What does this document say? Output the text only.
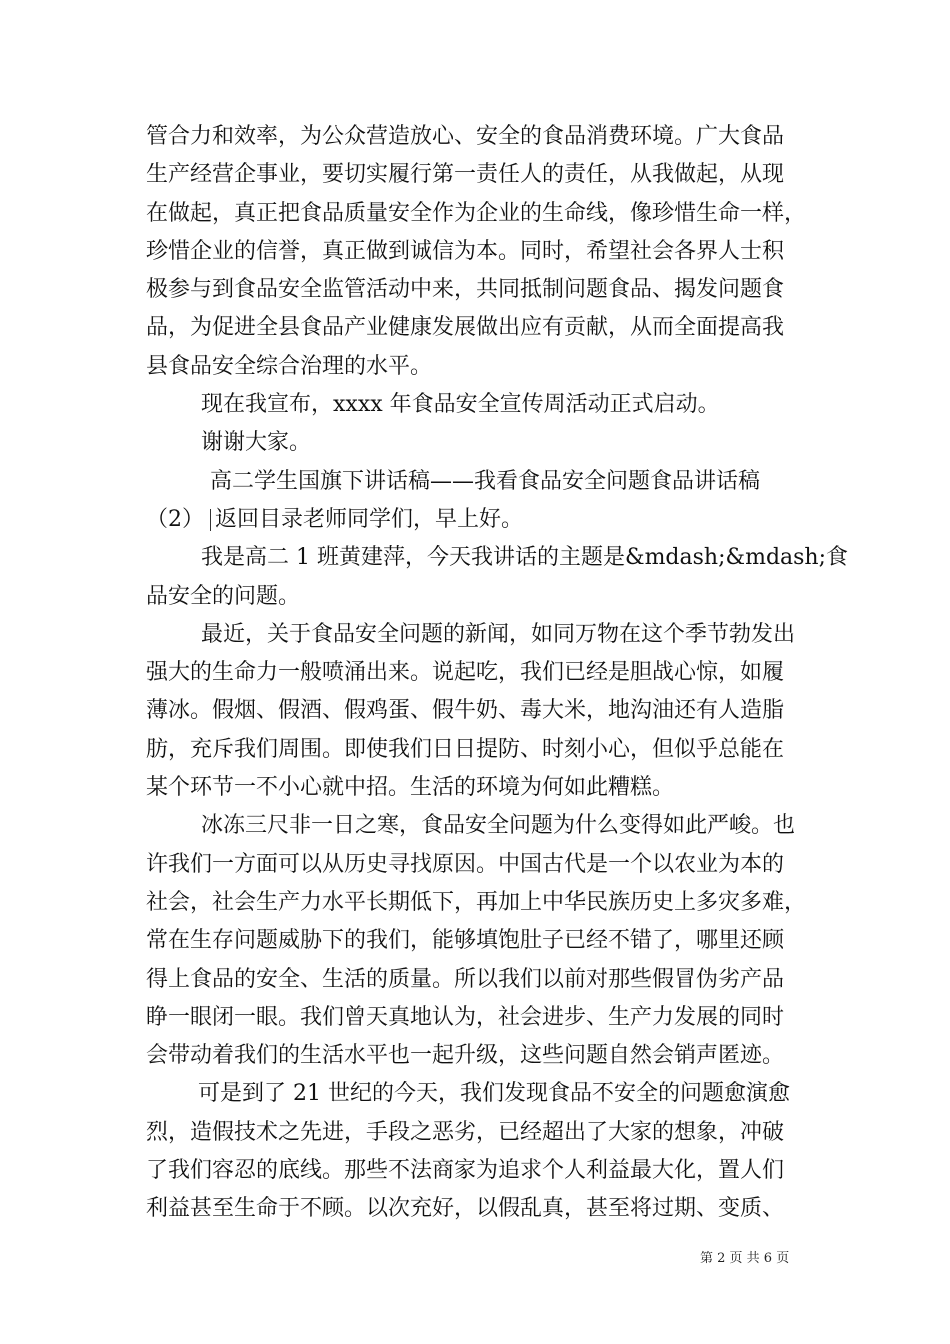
管合力和效率，为公众营造放心、安全的食品消费环境。广大食品
生产经营企事业，要切实履行第一责任人的责任，从我做起，从现
在做起，真正把食品质量安全作为企业的生命线，像珍惜生命一样，
珍惜企业的信誉，真正做到诚信为本。同时，希望社会各界人士积
极参与到食品安全监管活动中来，共同抵制问题食品、揭发问题食
品，为促进全县食品产业健康发展做出应有贡献，从而全面提高我
县食品安全综合治理的水平。
现在我宣布，xxxx 年食品安全宣传周活动正式启动。
谢谢大家。
高二学生国旗下讲话稿——我看食品安全问题食品讲话稿
（2） 返回目录老师同学们，早上好。
我是高二 1 班黄建萍，今天我讲话的主题是&mdash;&mdash;食
品安全的问题。
最近，关于食品安全问题的新闻，如同万物在这个季节勃发出
强大的生命力一般喷涌出来。说起吃，我们已经是胆战心惊，如履
薄冰。假烟、假酒、假鸡蛋、假牛奶、毒大米，地沟油还有人造脂
肪，充斥我们周围。即使我们日日提防、时刻小心，但似乎总能在
某个环节一不小心就中招。生活的环境为何如此糟糕。
冰冻三尺非一日之寒，食品安全问题为什么变得如此严峻。也
许我们一方面可以从历史寻找原因。中国古代是一个以农业为本的
社会，社会生产力水平长期低下，再加上中华民族历史上多灾多难，
常在生存问题威胁下的我们，能够填饱肚子已经不错了，哪里还顾
得上食品的安全、生活的质量。所以我们以前对那些假冒伪劣产品
睁一眼闭一眼。我们曾天真地认为，社会进步、生产力发展的同时
会带动着我们的生活水平也一起升级，这些问题自然会销声匿迹。
可是到了 21 世纪的今天，我们发现食品不安全的问题愈演愈
烈，造假技术之先进，手段之恶劣，已经超出了大家的想象，冲破
了我们容忍的底线。那些不法商家为追求个人利益最大化，置人们
利益甚至生命于不顾。以次充好，以假乱真，甚至将过期、变质、
第 2 页 共 6 页
